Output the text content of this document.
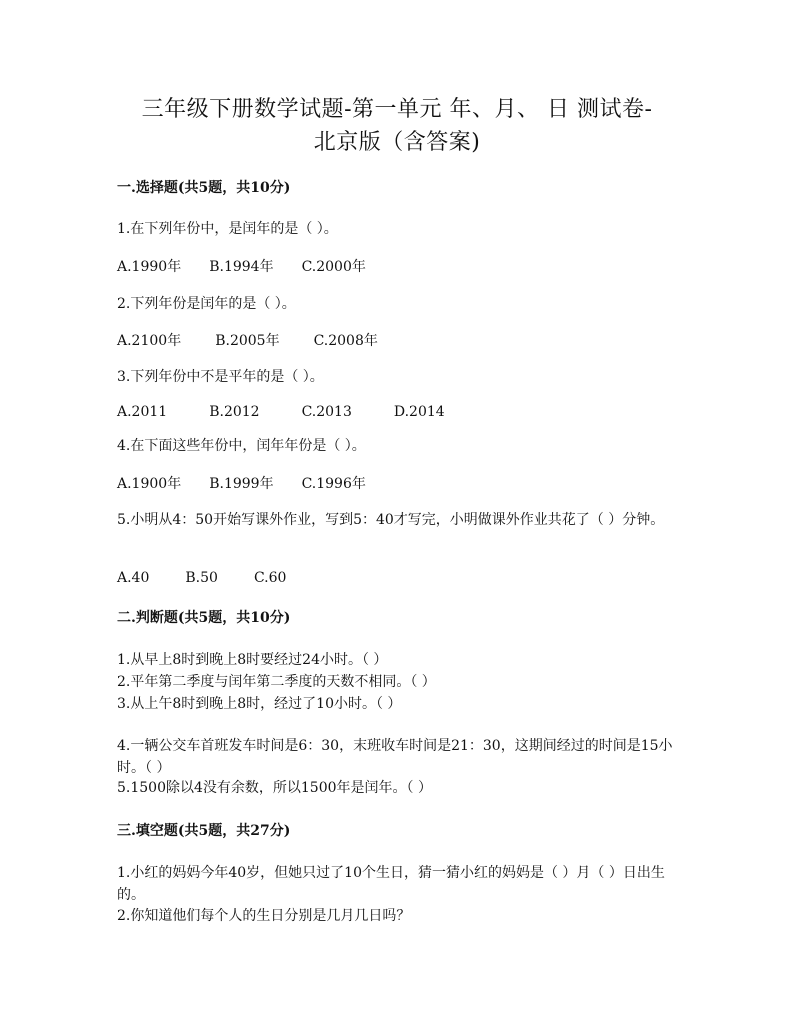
三年级下册数学试题-第一单元 年、月、 日 测试卷-
北京版（含答案)
一.选择题(共5题，共10分)
1.在下列年份中，是闰年的是（ ）。
A.1990年 B.1994年 C.2000年
2.下列年份是闰年的是（ ）。
A.2100年 B.2005年 C.2008年
3.下列年份中不是平年的是（ ）。
A.2011	B.2012	C.2013	D.2014
4.在下面这些年份中，闰年年份是（ ）。
A.1900年 B.1999年 C.1996年
5.小明从4：50开始写课外作业，写到5：40才写完，小明做课外作业共花了（ ）分钟。
A.40	B.50	C.60
二.判断题(共5题，共10分)
1.从早上8时到晚上8时要经过24小时。（ ）
2.平年第二季度与闰年第二季度的天数不相同。（ ）
3.从上午8时到晚上8时，经过了10小时。（ ）
4.一辆公交车首班发车时间是6：30，末班收车时间是21：30，这期间经过的时间是15小时。（ ）
5.1500除以4没有余数，所以1500年是闰年。（ ）
三.填空题(共5题，共27分)
1.小红的妈妈今年40岁，但她只过了10个生日，猜一猜小红的妈妈是（ ）月（ ）日出生的。
2.你知道他们每个人的生日分别是几月几日吗？
